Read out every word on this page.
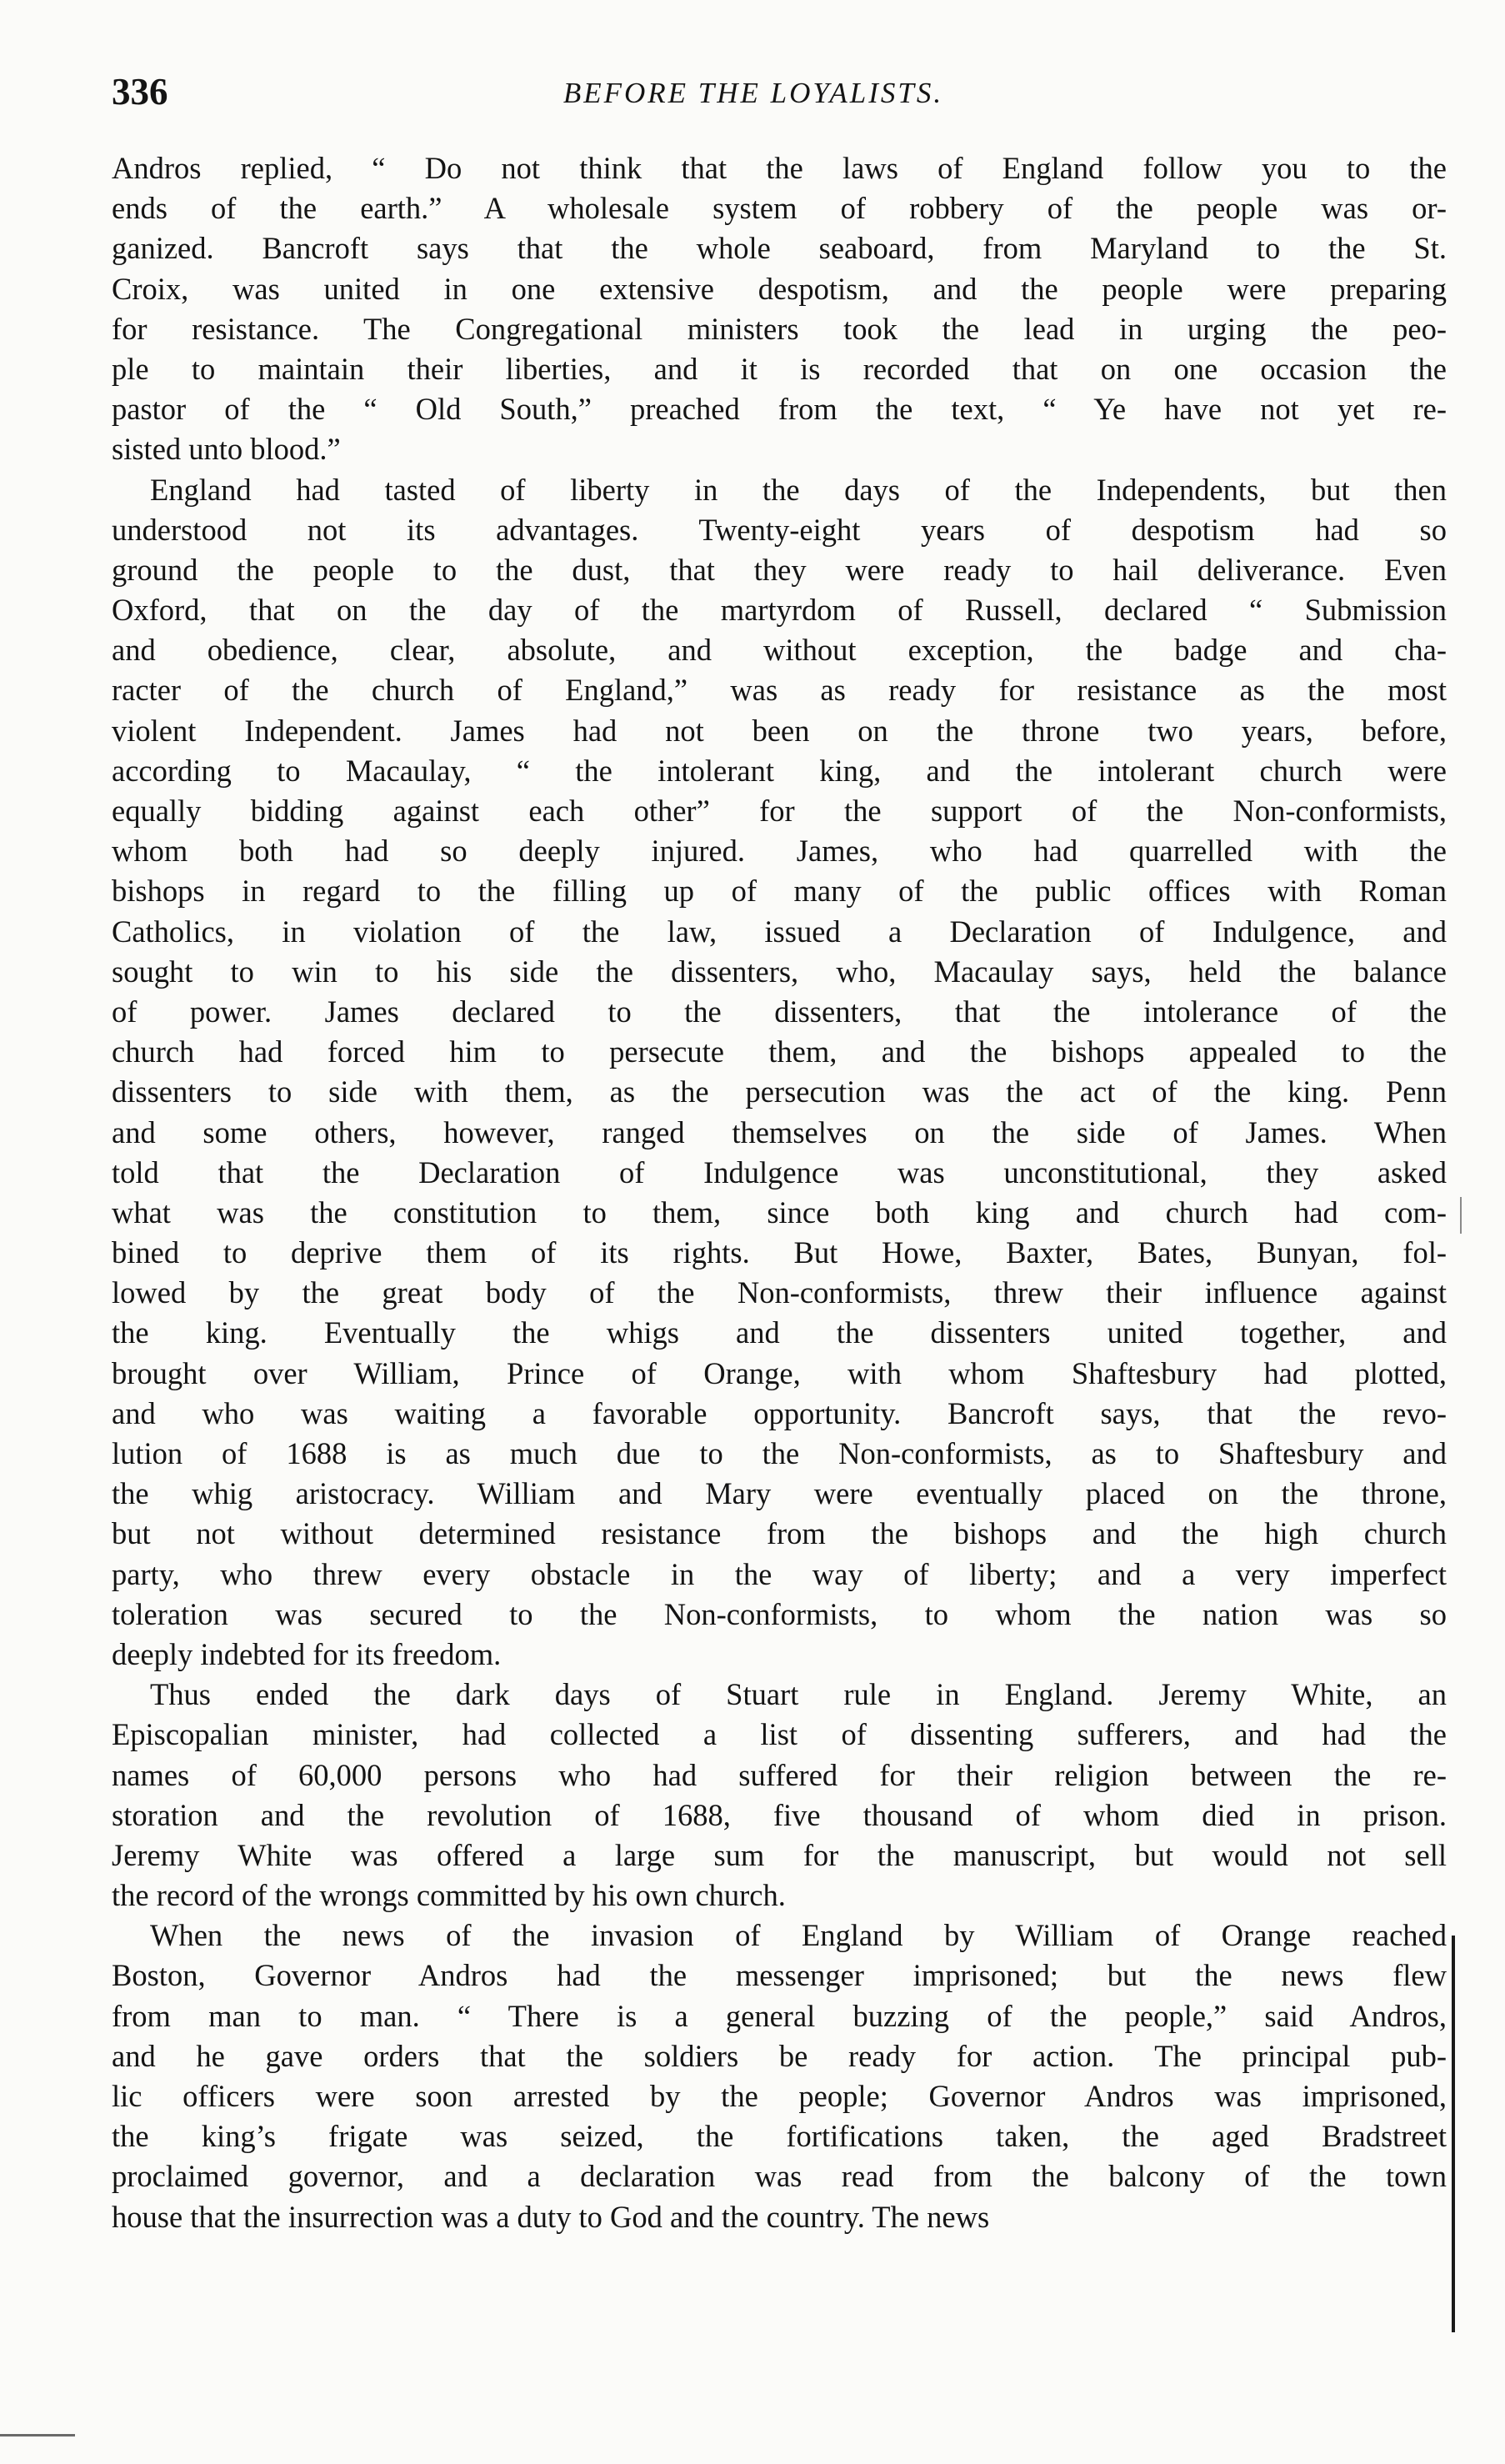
336	BEFORE THE LOYALISTS.
Andros replied, “ Do not think that the laws of England follow you to the
ends of the earth.” A wholesale system of robbery of the people was or-
ganized. Bancroft says that the whole seaboard, from Maryland to the St.
Croix, was united in one extensive despotism, and the people were preparing
for resistance. The Congregational ministers took the lead in urging the peo-
ple to maintain their liberties, and it is recorded that on one occasion the
pastor of the “ Old South,” preached from the text, “ Ye have not yet re-
sisted unto blood.”
England had tasted of liberty in the days of the Independents, but then
understood not its advantages. Twenty-eight years of despotism had so
ground the people to the dust, that they were ready to hail deliverance. Even
Oxford, that on the day of the martyrdom of Russell, declared “ Submission
and obedience, clear, absolute, and without exception, the badge and cha-
racter of the church of England,” was as ready for resistance as the most
violent Independent. James had not been on the throne two years, before,
according to Macaulay, “ the intolerant king, and the intolerant church were
equally bidding against each other” for the support of the Non-conformists,
whom both had so deeply injured. James, who had quarrelled with the
bishops in regard to the filling up of many of the public offices with Roman
Catholics, in violation of the law, issued a Declaration of Indulgence, and
sought to win to his side the dissenters, who, Macaulay says, held the balance
of power. James declared to the dissenters, that the intolerance of the
church had forced him to persecute them, and the bishops appealed to the
dissenters to side with them, as the persecution was the act of the king. Penn
and some others, however, ranged themselves on the side of James. When
told that the Declaration of Indulgence was unconstitutional, they asked
what was the constitution to them, since both king and church had com-
bined to deprive them of its rights. But Howe, Baxter, Bates, Bunyan, fol-
lowed by the great body of the Non-conformists, threw their influence against
the king. Eventually the whigs and the dissenters united together, and
brought over William, Prince of Orange, with whom Shaftesbury had plotted,
and who was waiting a favorable opportunity. Bancroft says, that the revo-
lution of 1688 is as much due to the Non-conformists, as to Shaftesbury and
the whig aristocracy. William and Mary were eventually placed on the throne,
but not without determined resistance from the bishops and the high church
party, who threw every obstacle in the way of liberty; and a very imperfect
toleration was secured to the Non-conformists, to whom the nation was so
deeply indebted for its freedom.
Thus ended the dark days of Stuart rule in England. Jeremy White, an
Episcopalian minister, had collected a list of dissenting sufferers, and had the
names of 60,000 persons who had suffered for their religion between the re-
storation and the revolution of 1688, five thousand of whom died in prison.
Jeremy White was offered a large sum for the manuscript, but would not sell
the record of the wrongs committed by his own church.
When the news of the invasion of England by William of Orange reached
Boston, Governor Andros had the messenger imprisoned; but the news flew
from man to man. “ There is a general buzzing of the people,” said Andros,
and he gave orders that the soldiers be ready for action. The principal pub-
lic officers were soon arrested by the people; Governor Andros was imprisoned,
the king’s frigate was seized, the fortifications taken, the aged Bradstreet
proclaimed governor, and a declaration was read from the balcony of the town
house that the insurrection was a duty to God and the country. The news
